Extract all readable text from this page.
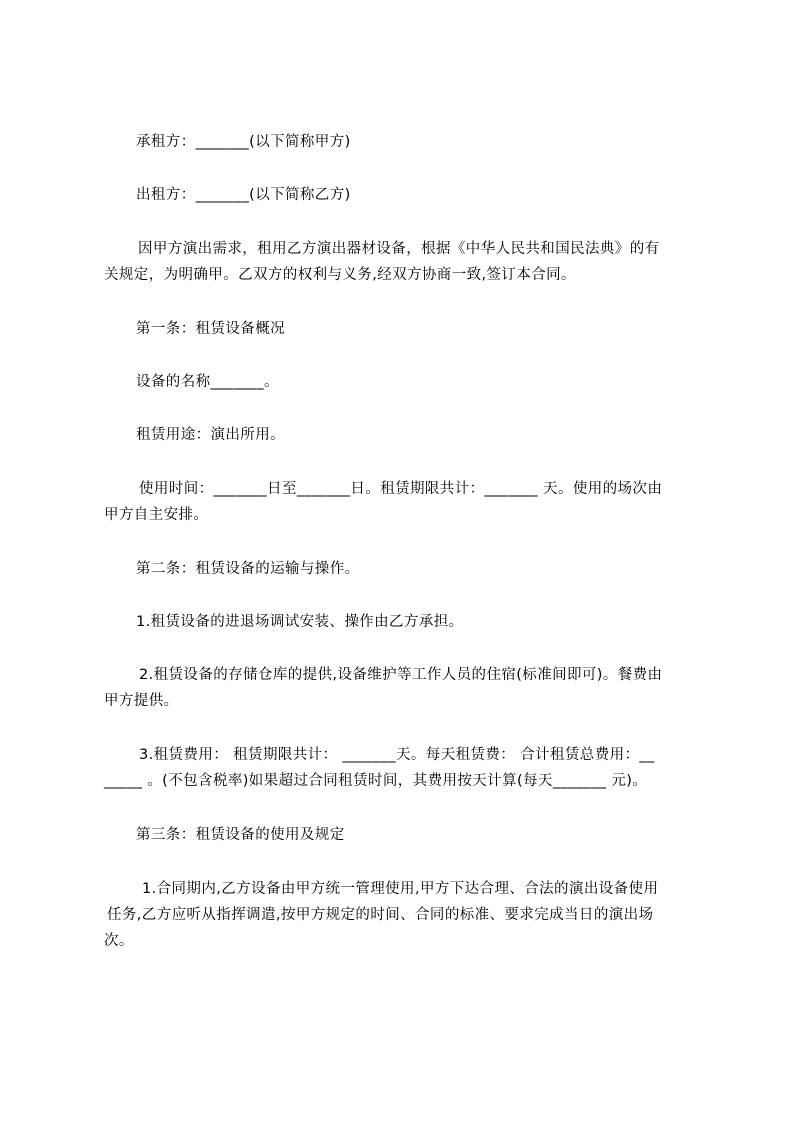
承租方：_______(以下简称甲方)
出租方：_______(以下简称乙方)
因甲方演出需求，租用乙方演出器材设备，根据《中华人民共和国民法典》的有
关规定，为明确甲。乙双方的权利与义务,经双方协商一致,签订本合同。
第一条：租赁设备概况
设备的名称_______。
租赁用途：演出所用。
使用时间：_______日至_______日。租赁期限共计：_______ 天。使用的场次由
甲方自主安排。
第二条：租赁设备的运输与操作。
1.租赁设备的进退场调试安装、操作由乙方承担。
2.租赁设备的存储仓库的提供,设备维护等工作人员的住宿(标准间即可)。餐费由
甲方提供。
3.租赁费用： 租赁期限共计： _______天。每天租赁费： 合计租赁总费用：__
_____ 。(不包含税率)如果超过合同租赁时间，其费用按天计算(每天_______ 元)。
第三条：租赁设备的使用及规定
1.合同期内,乙方设备由甲方统一管理使用,甲方下达合理、合法的演出设备使用
任务,乙方应听从指挥调遣,按甲方规定的时间、合同的标准、要求完成当日的演出场
次。
